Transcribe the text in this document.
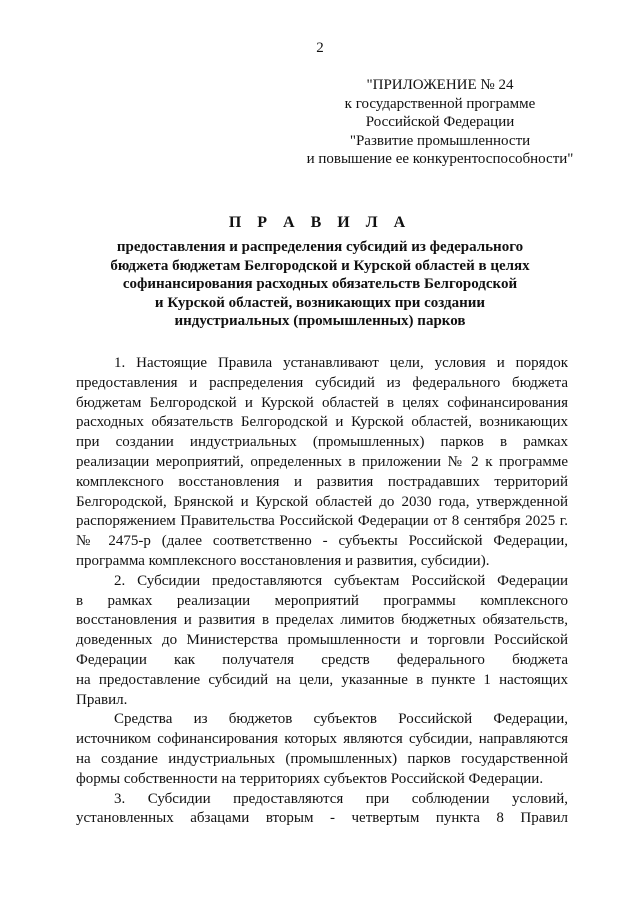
2
"ПРИЛОЖЕНИЕ № 24
к государственной программе
Российской Федерации
"Развитие промышленности
и повышение ее конкурентоспособности"
П Р А В И Л А
предоставления и распределения субсидий из федерального
бюджета бюджетам Белгородской и Курской областей в целях
софинансирования расходных обязательств Белгородской
и Курской областей, возникающих при создании
индустриальных (промышленных) парков
1. Настоящие Правила устанавливают цели, условия и порядок
предоставления и распределения субсидий из федерального бюджета
бюджетам Белгородской и Курской областей в целях софинансирования
расходных обязательств Белгородской и Курской областей, возникающих
при создании индустриальных (промышленных) парков в рамках
реализации мероприятий, определенных в приложении № 2 к программе
комплексного восстановления и развития пострадавших территорий
Белгородской, Брянской и Курской областей до 2030 года, утвержденной
распоряжением Правительства Российской Федерации от 8 сентября 2025 г.
№ 2475-р (далее соответственно - субъекты Российской Федерации,
программа комплексного восстановления и развития, субсидии).
2. Субсидии предоставляются субъектам Российской Федерации
в рамках реализации мероприятий программы комплексного
восстановления и развития в пределах лимитов бюджетных обязательств,
доведенных до Министерства промышленности и торговли Российской
Федерации как получателя средств федерального бюджета
на предоставление субсидий на цели, указанные в пункте 1 настоящих
Правил.
Средства из бюджетов субъектов Российской Федерации,
источником софинансирования которых являются субсидии, направляются
на создание индустриальных (промышленных) парков государственной
формы собственности на территориях субъектов Российской Федерации.
3. Субсидии предоставляются при соблюдении условий,
установленных абзацами вторым - четвертым пункта 8 Правил
